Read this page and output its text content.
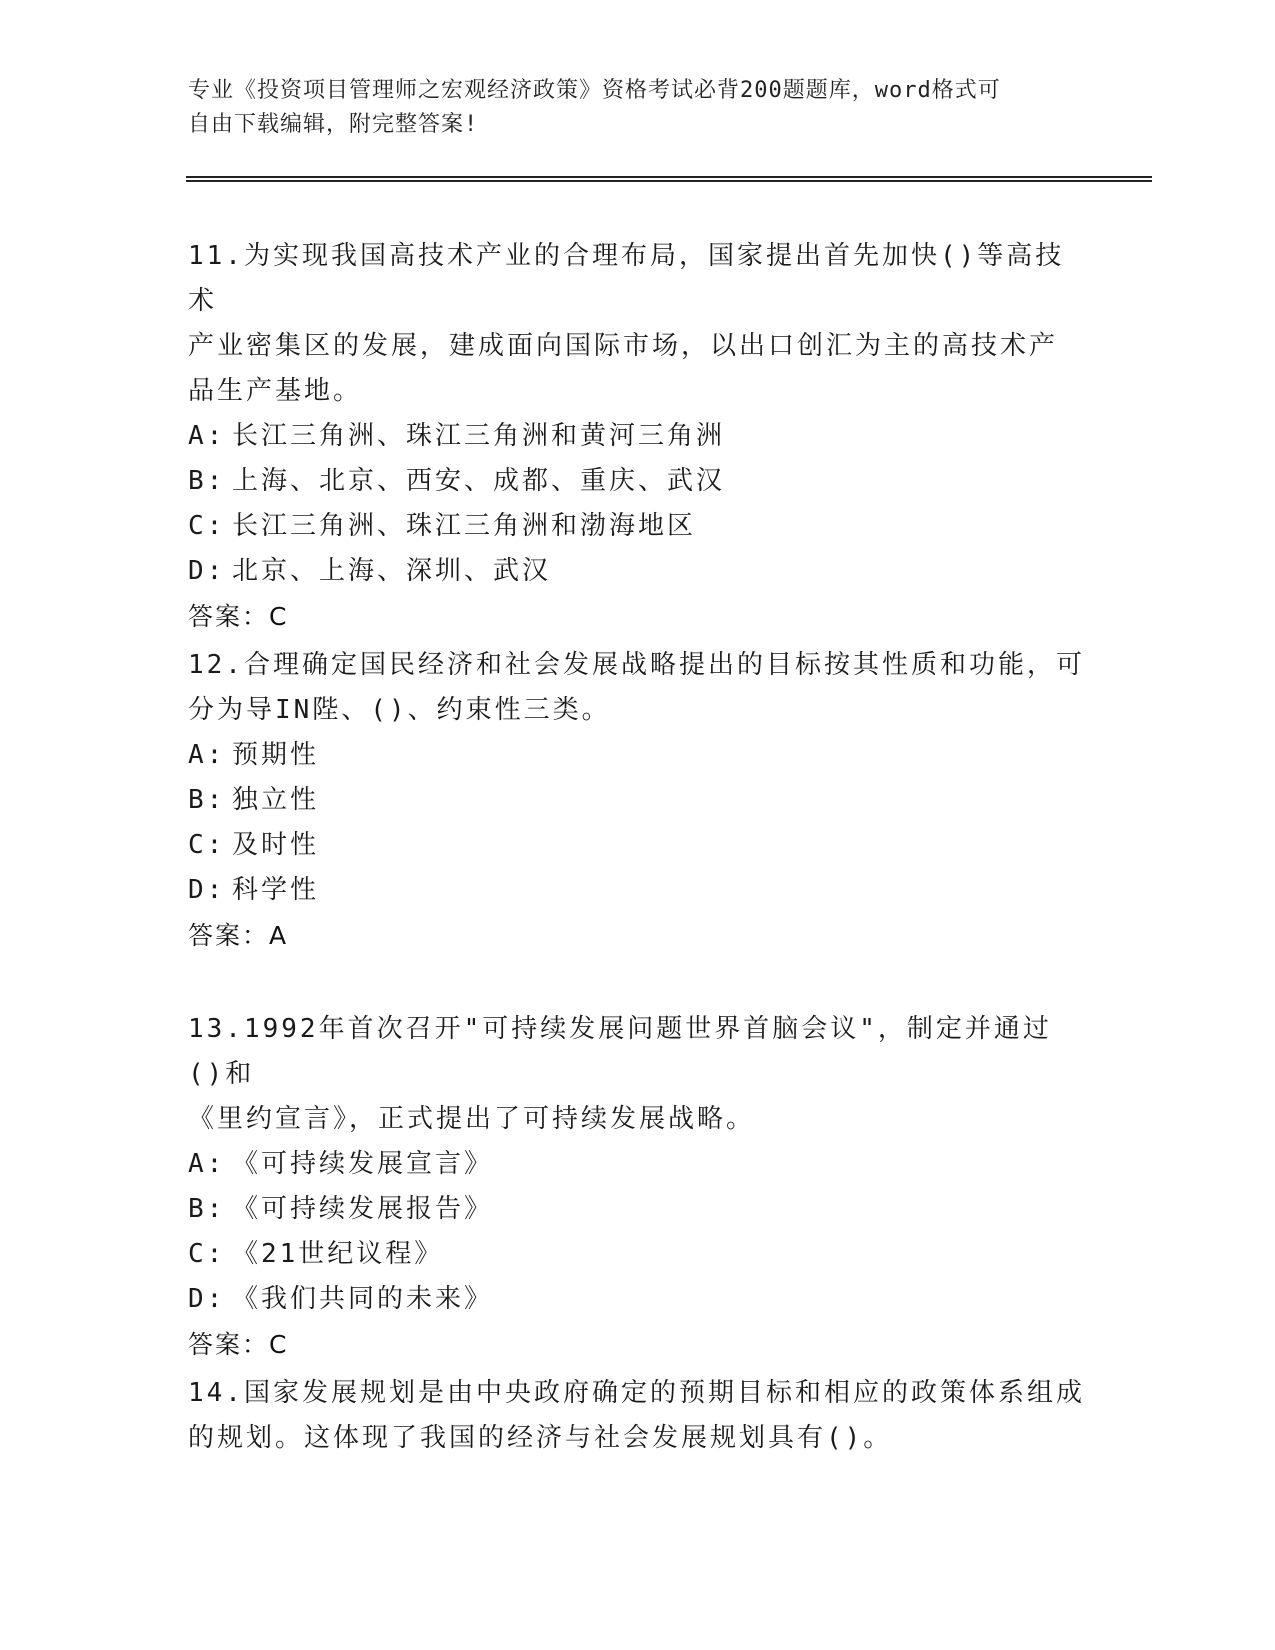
专业《投资项目管理师之宏观经济政策》资格考试必背200题题库，word格式可
自由下载编辑，附完整答案!
11.为实现我国高技术产业的合理布局，国家提出首先加快()等高技术
产业密集区的发展，建成面向国际市场，以出口创汇为主的高技术产
品生产基地。
A: 长江三角洲、珠江三角洲和黄河三角洲
B: 上海、北京、西安、成都、重庆、武汉
C: 长江三角洲、珠江三角洲和渤海地区
D: 北京、上海、深圳、武汉
答案：C
12.合理确定国民经济和社会发展战略提出的目标按其性质和功能，可
分为导IN陛、()、约束性三类。
A: 预期性
B: 独立性
C: 及时性
D: 科学性
答案：A
13.1992年首次召开"可持续发展问题世界首脑会议"，制定并通过()和
《里约宣言》，正式提出了可持续发展战略。
A: 《可持续发展宣言》
B: 《可持续发展报告》
C: 《21世纪议程》
D: 《我们共同的未来》
答案：C
14.国家发展规划是由中央政府确定的预期目标和相应的政策体系组成
的规划。这体现了我国的经济与社会发展规划具有()。
